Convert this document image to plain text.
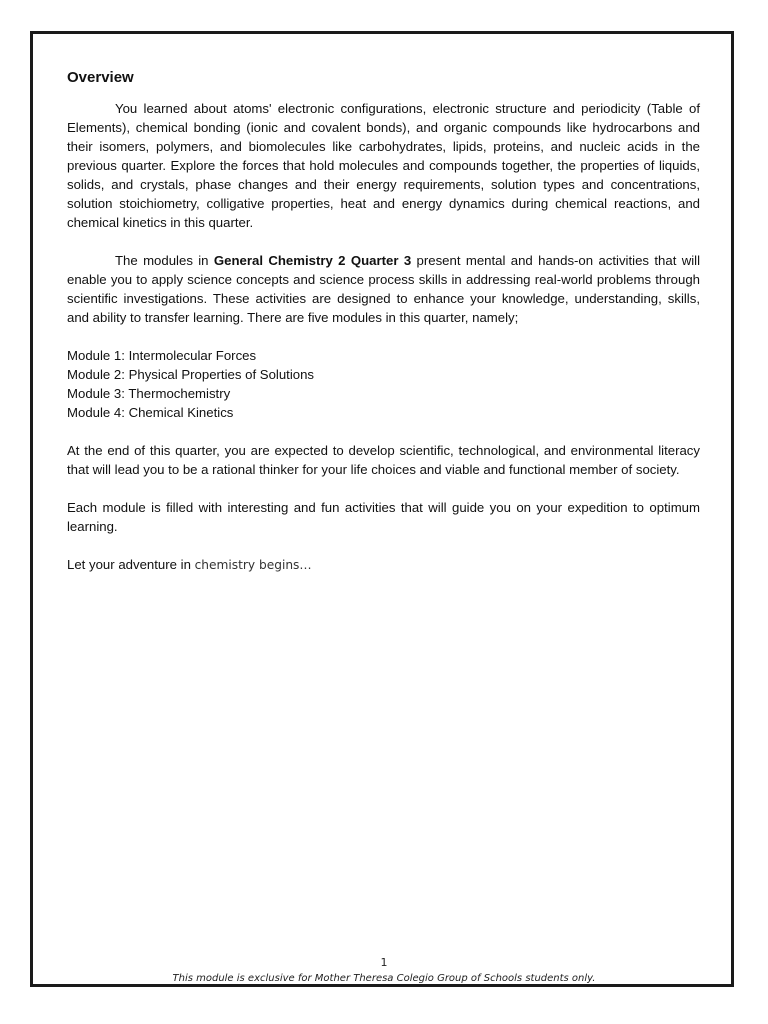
Overview

You learned about atoms' electronic configurations, electronic structure and periodicity (Table of Elements), chemical bonding (ionic and covalent bonds), and organic compounds like hydrocarbons and their isomers, polymers, and biomolecules like carbohydrates, lipids, proteins, and nucleic acids in the previous quarter. Explore the forces that hold molecules and compounds together, the properties of liquids, solids, and crystals, phase changes and their energy requirements, solution types and concentrations, solution stoichiometry, colligative properties, heat and energy dynamics during chemical reactions, and chemical kinetics in this quarter.

The modules in General Chemistry 2 Quarter 3 present mental and hands-on activities that will enable you to apply science concepts and science process skills in addressing real-world problems through scientific investigations. These activities are designed to enhance your knowledge, understanding, skills, and ability to transfer learning. There are five modules in this quarter, namely;

Module 1: Intermolecular Forces
Module 2: Physical Properties of Solutions
Module 3: Thermochemistry
Module 4: Chemical Kinetics

At the end of this quarter, you are expected to develop scientific, technological, and environmental literacy that will lead you to be a rational thinker for your life choices and viable and functional member of society.

Each module is filled with interesting and fun activities that will guide you on your expedition to optimum learning.

Let your adventure in chemistry begins…

1
This module is exclusive for Mother Theresa Colegio Group of Schools students only.
